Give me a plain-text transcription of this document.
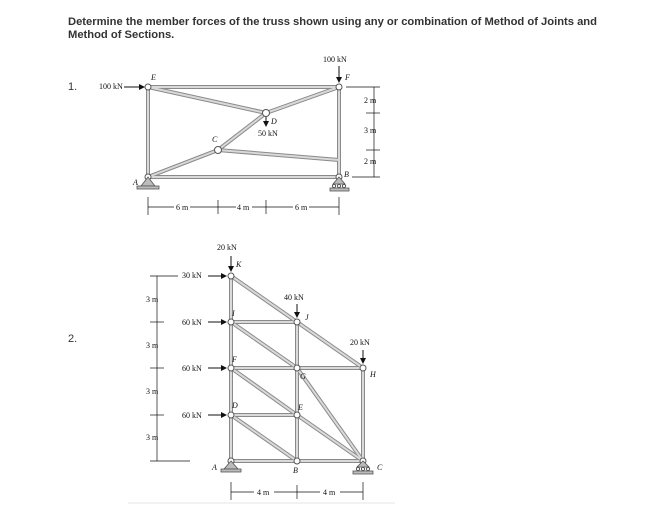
Determine the member forces of the truss shown using any or combination of Method of Joints and Method of Sections.
1.
2.
100 kN
100 kN
50 kN
E	F
D
C
A
B
2 m
3 m
2 m
6 m	4 m	6 m
20 kN
30 kN
60 kN
60 kN
60 kN
40 kN
20 kN
K
I
F
D
A
J
G
E
B
H
C
3 m
3 m
3 m
3 m
4 m	4 m
